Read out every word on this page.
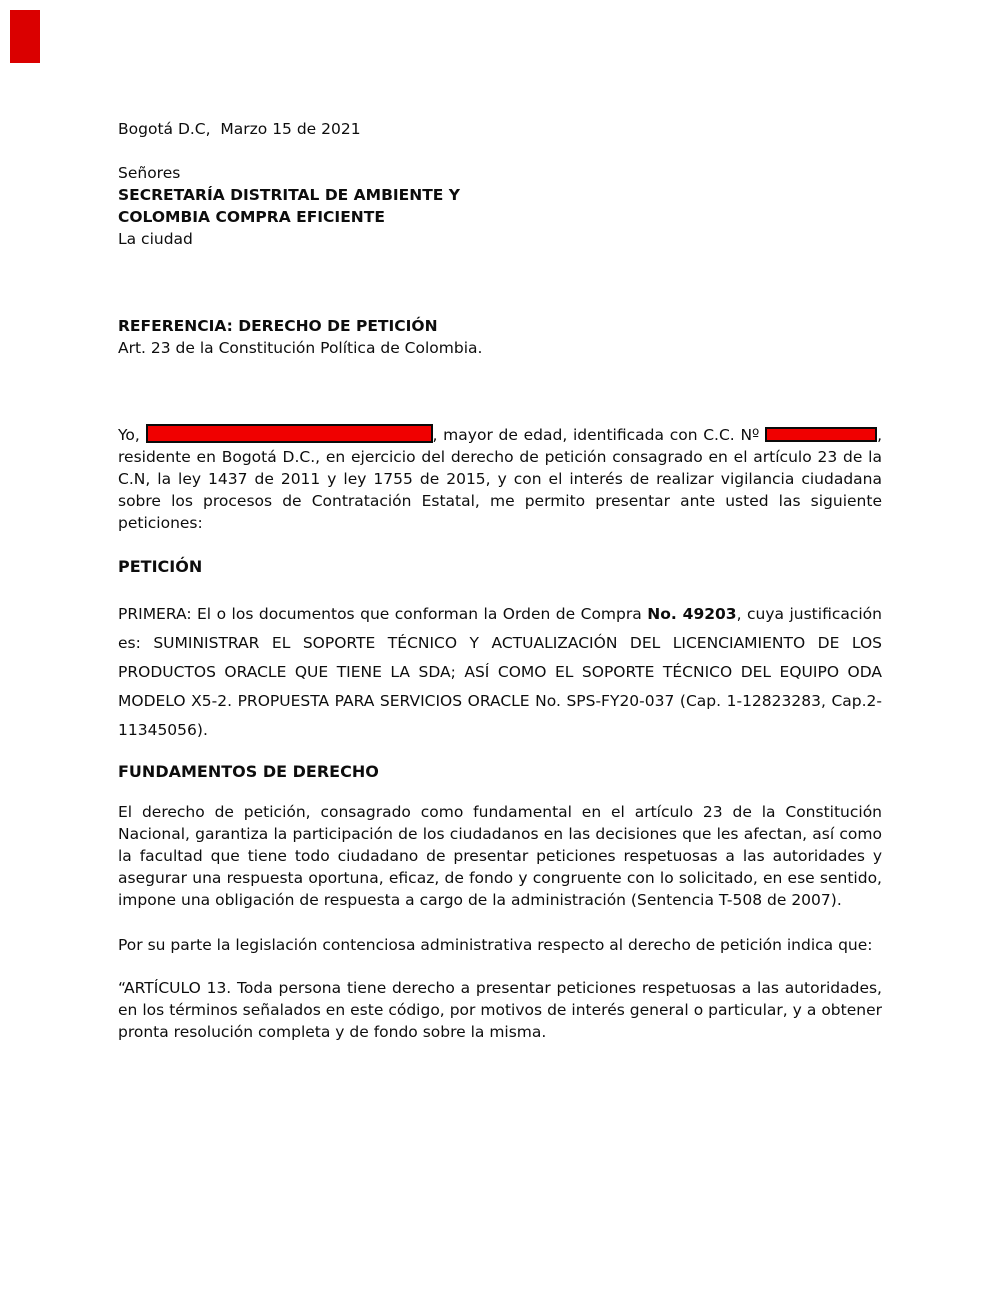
Bogotá D.C,  Marzo 15 de 2021
Señores
SECRETARÍA DISTRITAL DE AMBIENTE Y
COLOMBIA COMPRA EFICIENTE
La ciudad
REFERENCIA: DERECHO DE PETICIÓN
Art. 23 de la Constitución Política de Colombia.

Yo,	, mayor de edad, identificada con C.C. Nº	, residente en Bogotá D.C., en ejercicio del derecho de petición consagrado en el artículo 23 de la C.N, la ley 1437 de 2011 y ley 1755 de 2015, y con el interés de realizar vigilancia ciudadana sobre los procesos de Contratación Estatal, me permito presentar ante usted las siguiente peticiones:

PETICIÓN

PRIMERA: El o los documentos que conforman la Orden de Compra No. 49203, cuya justificación es: SUMINISTRAR EL SOPORTE TÉCNICO Y ACTUALIZACIÓN DEL LICENCIAMIENTO DE LOS PRODUCTOS ORACLE QUE TIENE LA SDA; ASÍ COMO EL SOPORTE TÉCNICO DEL EQUIPO ODA MODELO X5-2. PROPUESTA PARA SERVICIOS ORACLE No. SPS-FY20-037 (Cap. 1-12823283, Cap.2-11345056).

FUNDAMENTOS DE DERECHO

El derecho de petición, consagrado como fundamental en el artículo 23 de la Constitución Nacional, garantiza la participación de los ciudadanos en las decisiones que les afectan, así como la facultad que tiene todo ciudadano de presentar peticiones respetuosas a las autoridades y asegurar una respuesta oportuna, eficaz, de fondo y congruente con lo solicitado, en ese sentido, impone una obligación de respuesta a cargo de la administración (Sentencia T-508 de 2007).

Por su parte la legislación contenciosa administrativa respecto al derecho de petición indica que:

“ARTÍCULO 13. Toda persona tiene derecho a presentar peticiones respetuosas a las autoridades, en los términos señalados en este código, por motivos de interés general o particular, y a obtener pronta resolución completa y de fondo sobre la misma.
